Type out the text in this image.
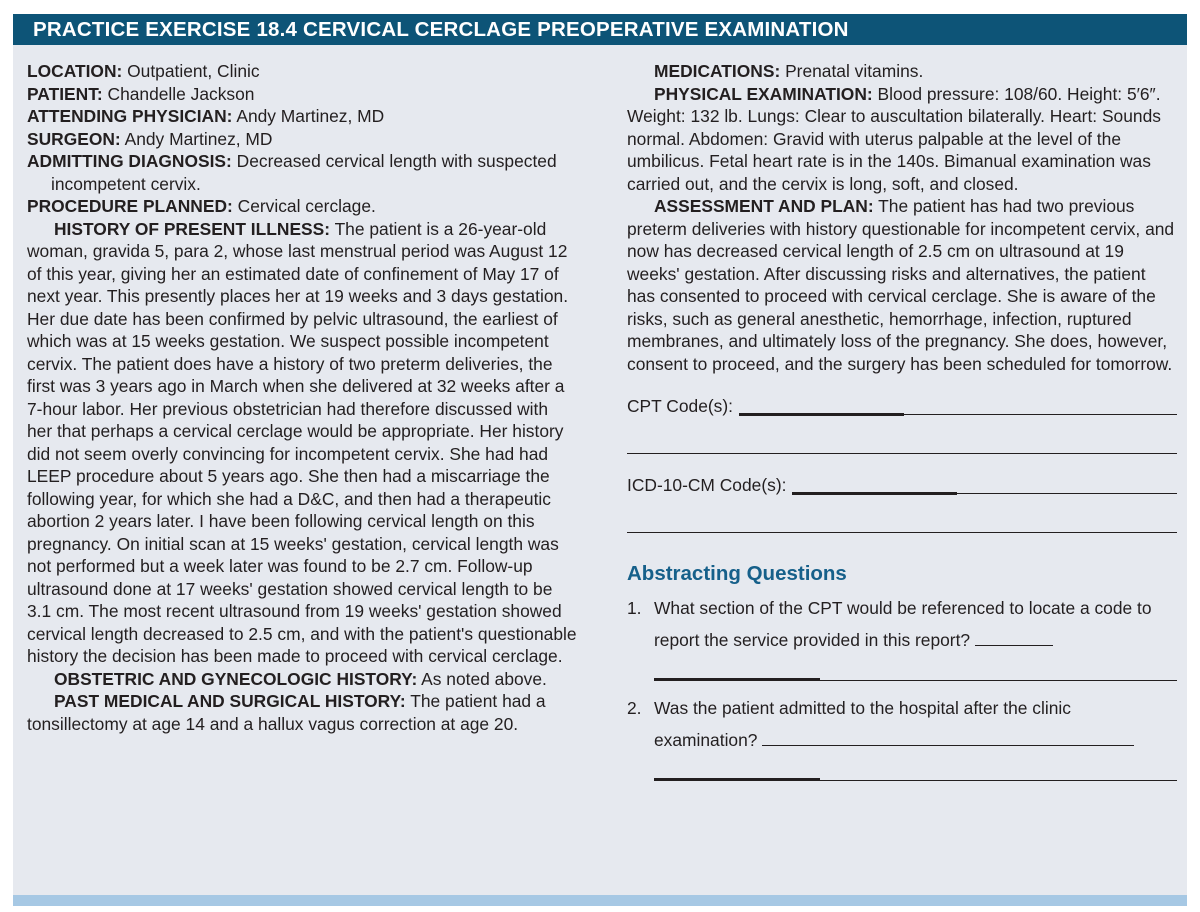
PRACTICE EXERCISE 18.4 CERVICAL CERCLAGE PREOPERATIVE EXAMINATION

LOCATION: Outpatient, Clinic

PATIENT: Chandelle Jackson

ATTENDING PHYSICIAN: Andy Martinez, MD

SURGEON: Andy Martinez, MD

ADMITTING DIAGNOSIS: Decreased cervical length with suspected incompetent cervix.

PROCEDURE PLANNED: Cervical cerclage.

HISTORY OF PRESENT ILLNESS: The patient is a 26-year-old woman, gravida 5, para 2, whose last menstrual period was August 12 of this year, giving her an estimated date of confinement of May 17 of next year. This presently places her at 19 weeks and 3 days gestation. Her due date has been confirmed by pelvic ultrasound, the earliest of which was at 15 weeks gestation. We suspect possible incompetent cervix. The patient does have a history of two preterm deliveries, the first was 3 years ago in March when she delivered at 32 weeks after a 7-hour labor. Her previous obstetrician had therefore discussed with her that perhaps a cervical cerclage would be appropriate. Her history did not seem overly convincing for incompetent cervix. She had had LEEP procedure about 5 years ago. She then had a miscarriage the following year, for which she had a D&C, and then had a therapeutic abortion 2 years later. I have been following cervical length on this pregnancy. On initial scan at 15 weeks' gestation, cervical length was not performed but a week later was found to be 2.7 cm. Follow-up ultrasound done at 17 weeks' gestation showed cervical length to be 3.1 cm. The most recent ultrasound from 19 weeks' gestation showed cervical length decreased to 2.5 cm, and with the patient's questionable history the decision has been made to proceed with cervical cerclage.

OBSTETRIC AND GYNECOLOGIC HISTORY: As noted above.

PAST MEDICAL AND SURGICAL HISTORY: The patient had a tonsillectomy at age 14 and a hallux vagus correction at age 20.

MEDICATIONS: Prenatal vitamins.

PHYSICAL EXAMINATION: Blood pressure: 108/60. Height: 5′6″. Weight: 132 lb. Lungs: Clear to auscultation bilaterally. Heart: Sounds normal. Abdomen: Gravid with uterus palpable at the level of the umbilicus. Fetal heart rate is in the 140s. Bimanual examination was carried out, and the cervix is long, soft, and closed.

ASSESSMENT AND PLAN: The patient has had two previous preterm deliveries with history questionable for incompetent cervix, and now has decreased cervical length of 2.5 cm on ultrasound at 19 weeks' gestation. After discussing risks and alternatives, the patient has consented to proceed with cervical cerclage. She is aware of the risks, such as general anesthetic, hemorrhage, infection, ruptured membranes, and ultimately loss of the pregnancy. She does, however, consent to proceed, and the surgery has been scheduled for tomorrow.

CPT Code(s):
ICD-10-CM Code(s):
Abstracting Questions
1. What section of the CPT would be referenced to locate a code to report the service provided in this report?
2. Was the patient admitted to the hospital after the clinic examination?
